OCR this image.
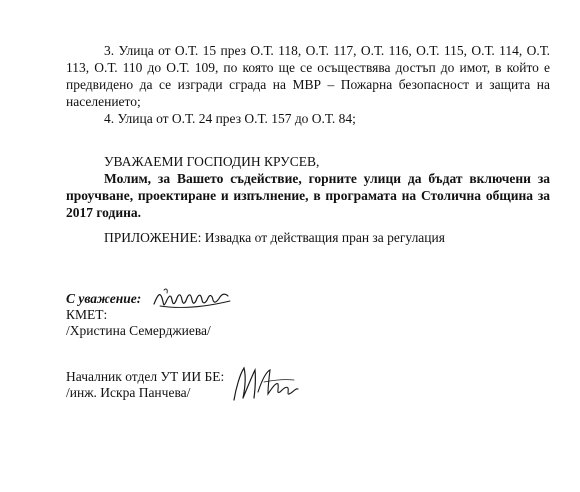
3. Улица от О.Т. 15 през О.Т. 118, О.Т. 117, О.Т. 116, О.Т. 115, О.Т. 114, О.Т. 113, О.Т. 110 до О.Т. 109, по която ще се осъществява достъп до имот, в който е предвидено да се изгради сграда на МВР – Пожарна безопасност и защита на населението;

4. Улица от О.Т. 24 през О.Т. 157 до О.Т. 84;

УВАЖАЕМИ ГОСПОДИН КРУСЕВ,

Молим, за Вашето съдействие, горните улици да бъдат включени за проучване, проектиране и изпълнение, в програмата на Столична община за 2017 година.

ПРИЛОЖЕНИЕ: Извадка от действащия пран за регулация

С уважение:

КМЕТ:

/Христина Семерджиева/

Началник отдел УТ ИИ БЕ:

/инж. Искра Панчева/
